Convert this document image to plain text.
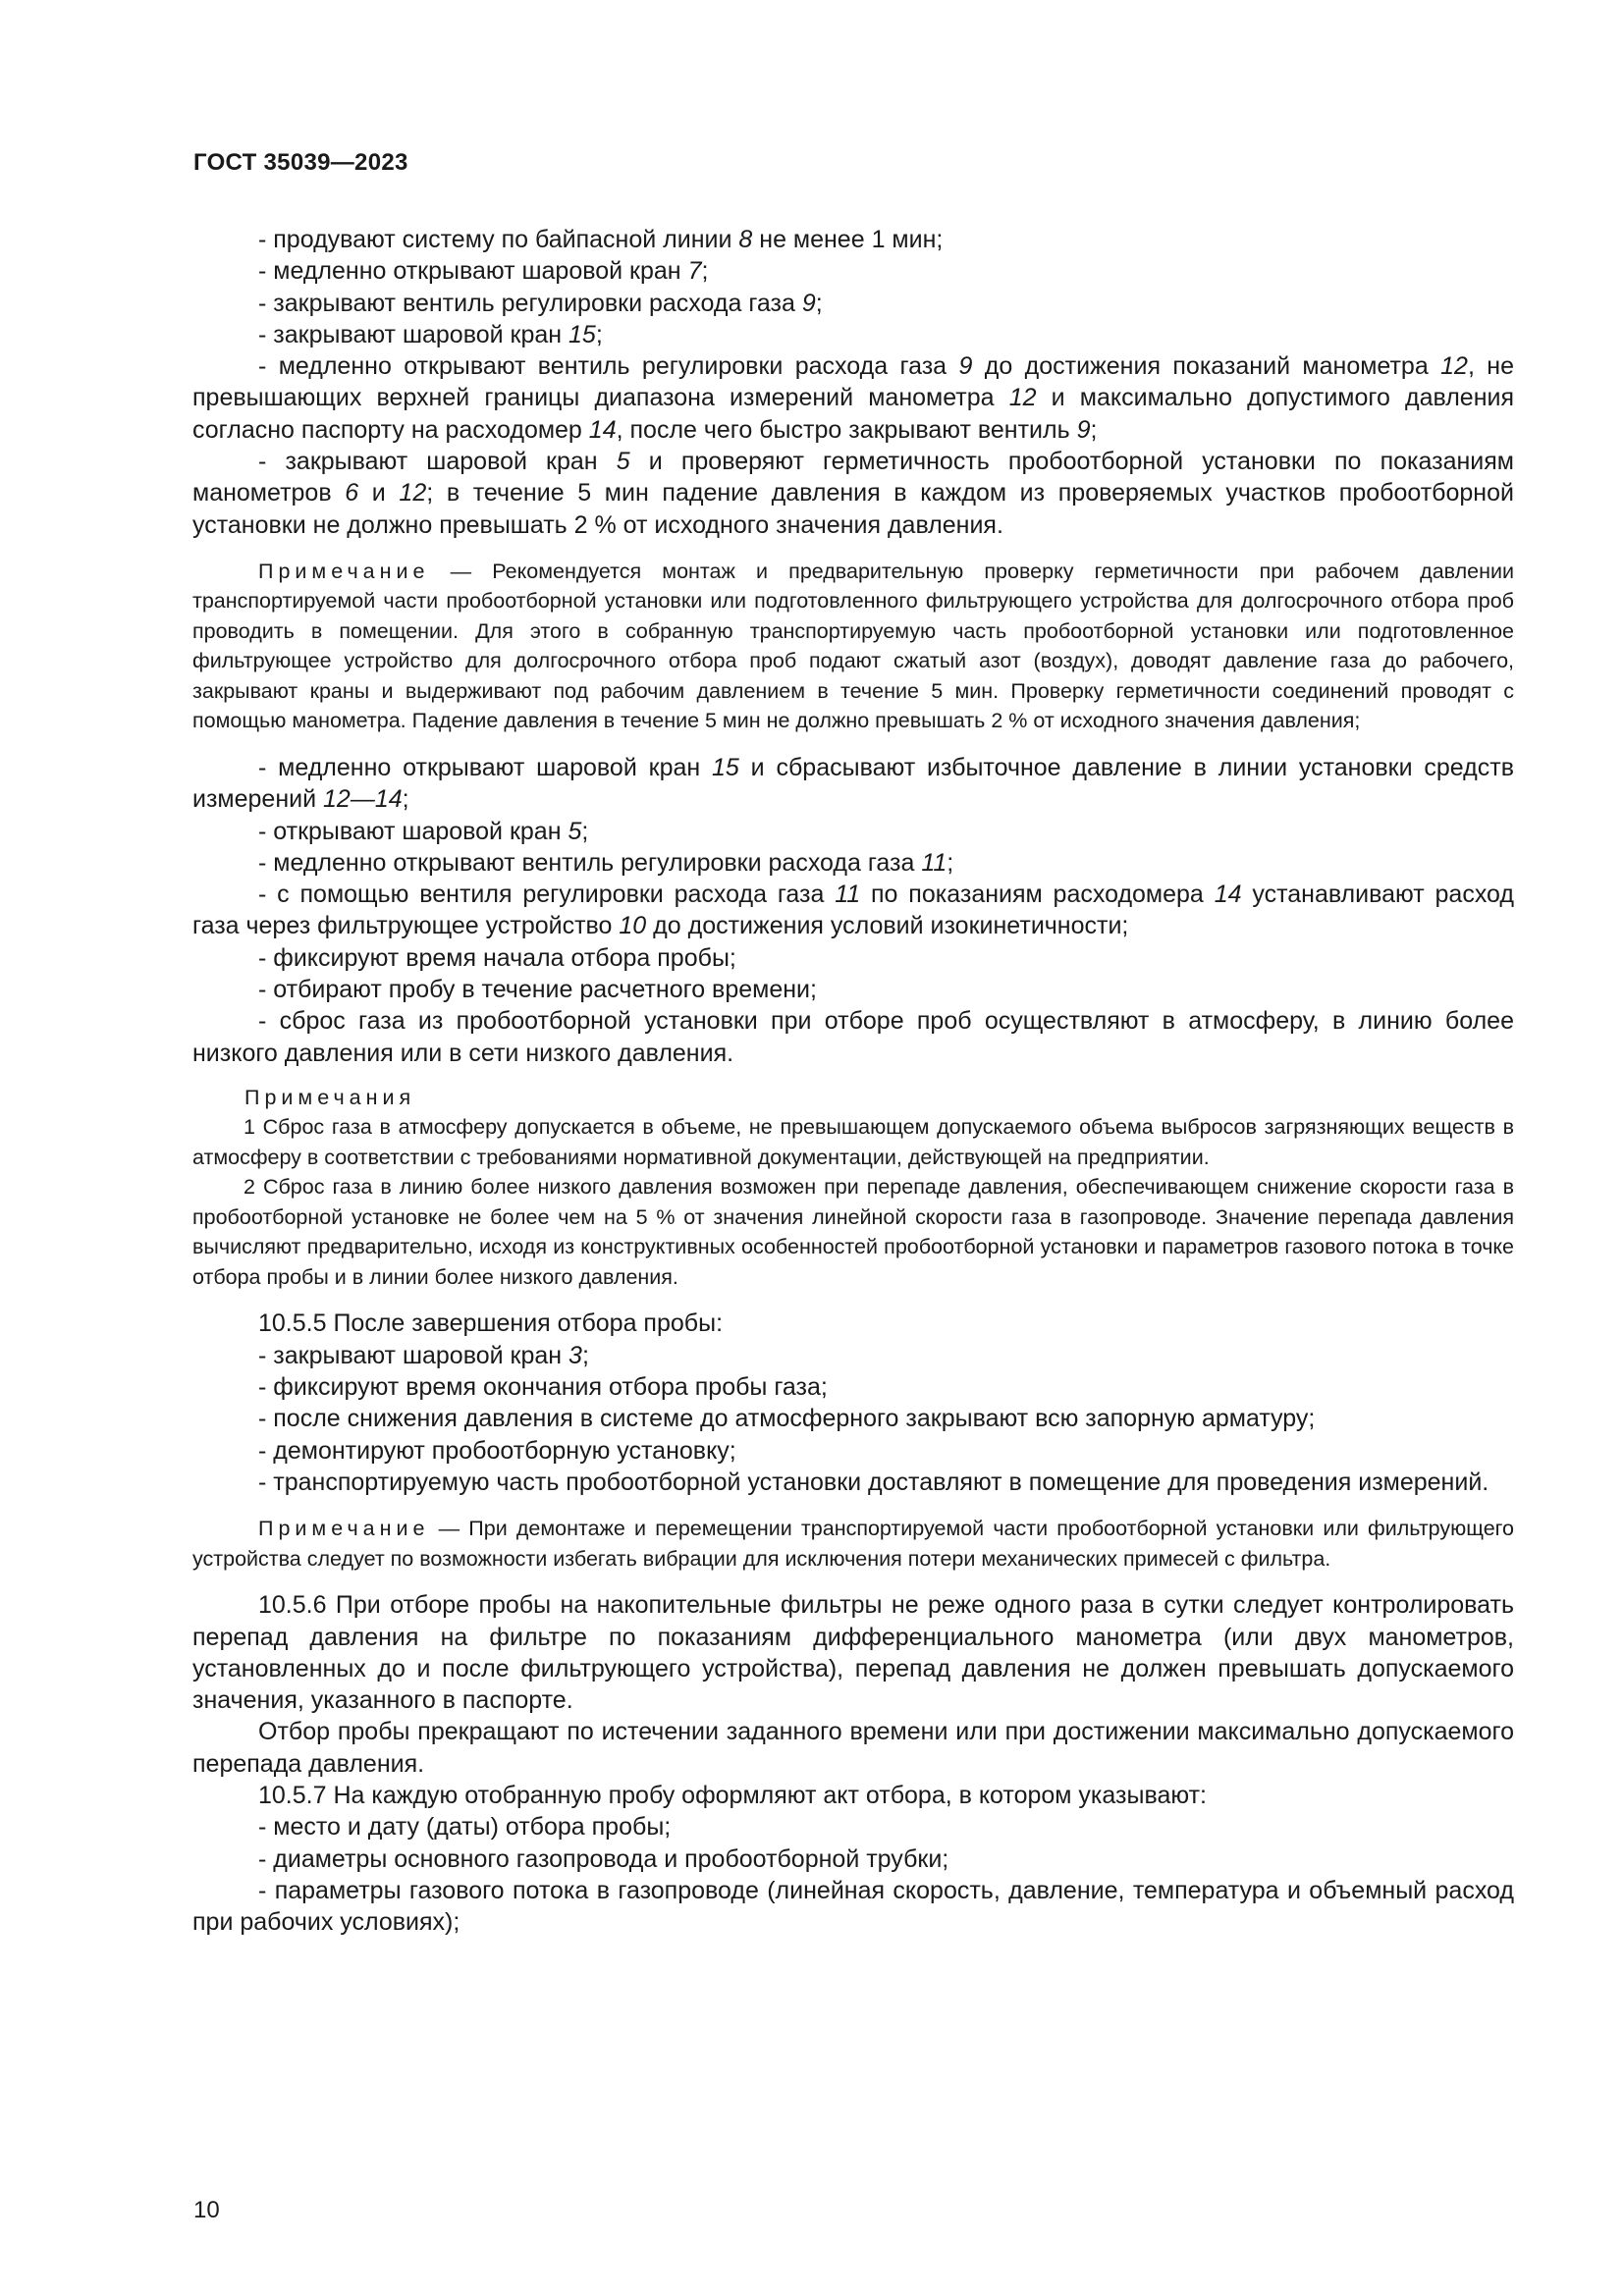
ГОСТ 35039—2023

- продувают систему по байпасной линии 8 не менее 1 мин;

- медленно открывают шаровой кран 7;

- закрывают вентиль регулировки расхода газа 9;

- закрывают шаровой кран 15;

- медленно открывают вентиль регулировки расхода газа 9 до достижения показаний манометра 12, не превышающих верхней границы диапазона измерений манометра 12 и максимально допустимого давления согласно паспорту на расходомер 14, после чего быстро закрывают вентиль 9;

- закрывают шаровой кран 5 и проверяют герметичность пробоотборной установки по показаниям манометров 6 и 12; в течение 5 мин падение давления в каждом из проверяемых участков пробоотборной установки не должно превышать 2 % от исходного значения давления.

Примечание — Рекомендуется монтаж и предварительную проверку герметичности при рабочем давлении транспортируемой части пробоотборной установки или подготовленного фильтрующего устройства для долгосрочного отбора проб проводить в помещении. Для этого в собранную транспортируемую часть пробоотборной установки или подготовленное фильтрующее устройство для долгосрочного отбора проб подают сжатый азот (воздух), доводят давление газа до рабочего, закрывают краны и выдерживают под рабочим давлением в течение 5 мин. Проверку герметичности соединений проводят с помощью манометра. Падение давления в течение 5 мин не должно превышать 2 % от исходного значения давления;

- медленно открывают шаровой кран 15 и сбрасывают избыточное давление в линии установки средств измерений 12—14;

- открывают шаровой кран 5;

- медленно открывают вентиль регулировки расхода газа 11;

- с помощью вентиля регулировки расхода газа 11 по показаниям расходомера 14 устанавливают расход газа через фильтрующее устройство 10 до достижения условий изокинетичности;

- фиксируют время начала отбора пробы;

- отбирают пробу в течение расчетного времени;

- сброс газа из пробоотборной установки при отборе проб осуществляют в атмосферу, в линию более низкого давления или в сети низкого давления.

Примечания

1 Сброс газа в атмосферу допускается в объеме, не превышающем допускаемого объема выбросов загрязняющих веществ в атмосферу в соответствии с требованиями нормативной документации, действующей на предприятии.

2 Сброс газа в линию более низкого давления возможен при перепаде давления, обеспечивающем снижение скорости газа в пробоотборной установке не более чем на 5 % от значения линейной скорости газа в газопроводе. Значение перепада давления вычисляют предварительно, исходя из конструктивных особенностей пробоотборной установки и параметров газового потока в точке отбора пробы и в линии более низкого давления.

10.5.5 После завершения отбора пробы:

- закрывают шаровой кран 3;

- фиксируют время окончания отбора пробы газа;

- после снижения давления в системе до атмосферного закрывают всю запорную арматуру;

- демонтируют пробоотборную установку;

- транспортируемую часть пробоотборной установки доставляют в помещение для проведения измерений.

Примечание — При демонтаже и перемещении транспортируемой части пробоотборной установки или фильтрующего устройства следует по возможности избегать вибрации для исключения потери механических примесей с фильтра.

10.5.6 При отборе пробы на накопительные фильтры не реже одного раза в сутки следует контролировать перепад давления на фильтре по показаниям дифференциального манометра (или двух манометров, установленных до и после фильтрующего устройства), перепад давления не должен превышать допускаемого значения, указанного в паспорте.

Отбор пробы прекращают по истечении заданного времени или при достижении максимально допускаемого перепада давления.

10.5.7 На каждую отобранную пробу оформляют акт отбора, в котором указывают:

- место и дату (даты) отбора пробы;

- диаметры основного газопровода и пробоотборной трубки;

- параметры газового потока в газопроводе (линейная скорость, давление, температура и объемный расход при рабочих условиях);

10
